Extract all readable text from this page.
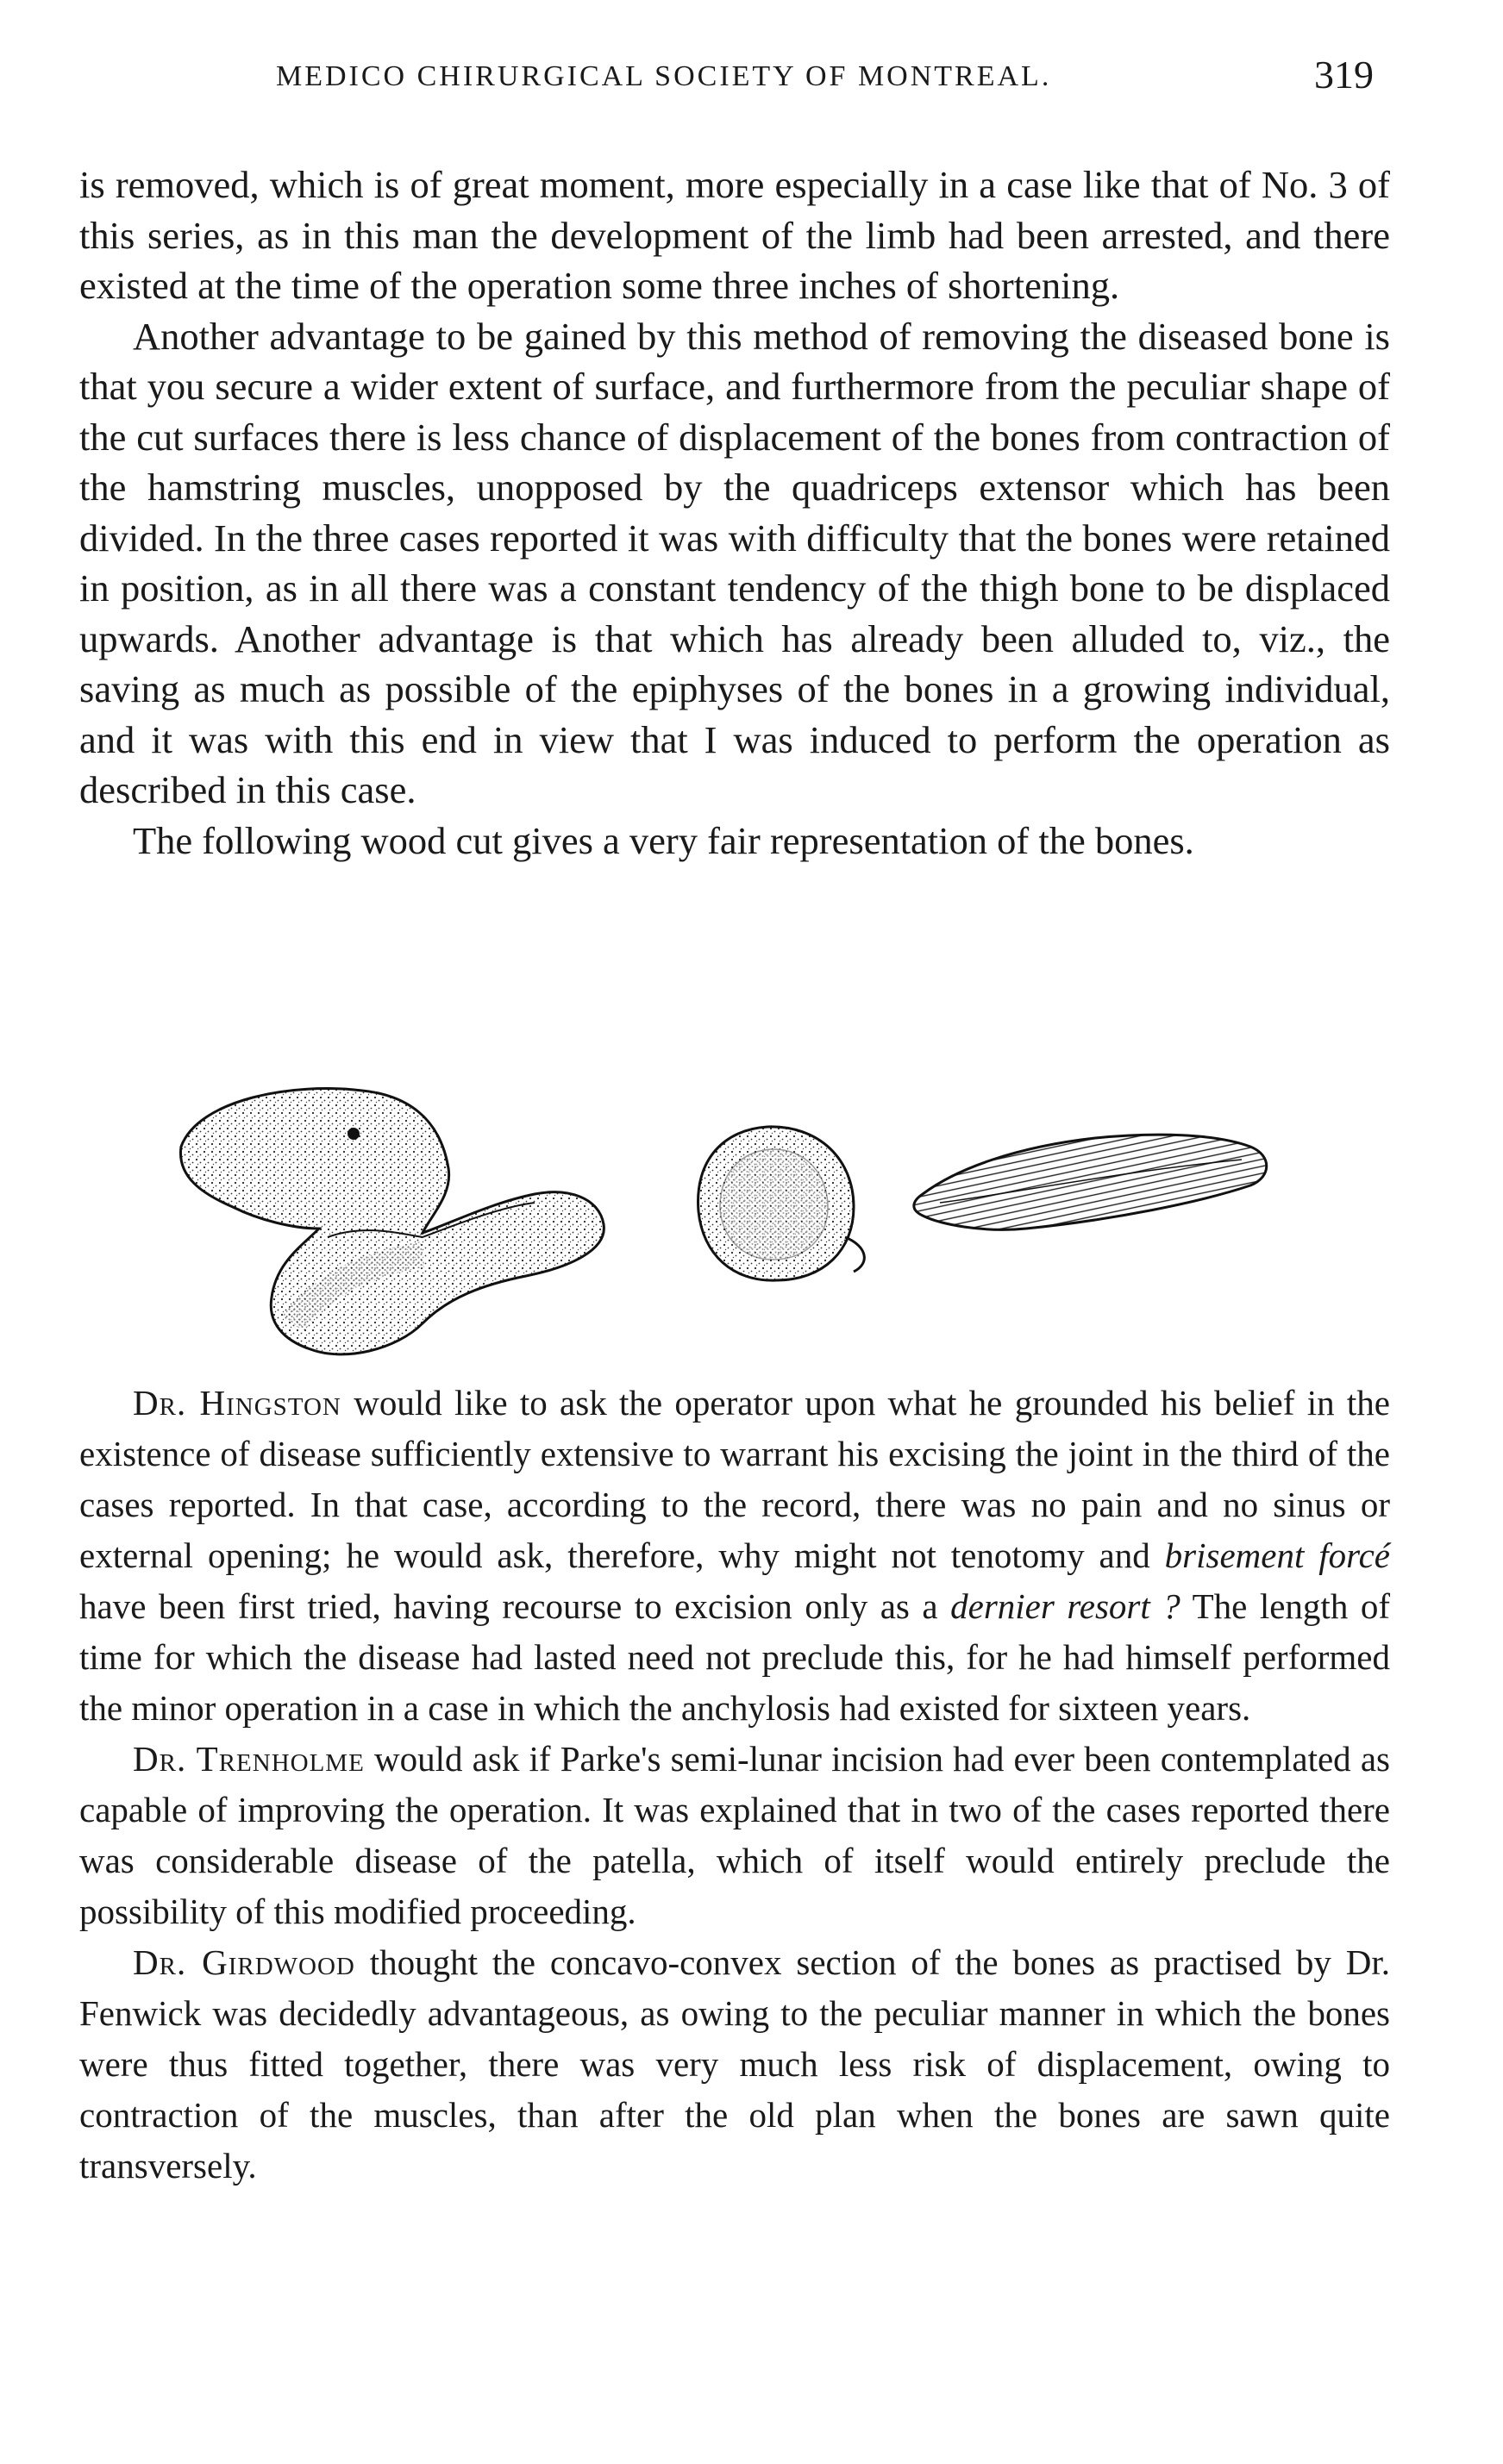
MEDICO CHIRURGICAL SOCIETY OF MONTREAL.	319

is removed, which is of great moment, more especially in a case like that of No. 3 of this series, as in this man the development of the limb had been arrested, and there existed at the time of the operation some three inches of shortening.

Another advantage to be gained by this method of removing the diseased bone is that you secure a wider extent of surface, and furthermore from the peculiar shape of the cut surfaces there is less chance of displacement of the bones from contraction of the hamstring muscles, unopposed by the quadriceps extensor which has been divided. In the three cases reported it was with difficulty that the bones were retained in position, as in all there was a constant tendency of the thigh bone to be displaced upwards. Another advantage is that which has already been alluded to, viz., the saving as much as possible of the epiphyses of the bones in a growing individual, and it was with this end in view that I was induced to perform the operation as described in this case.

The following wood cut gives a very fair representation of the bones.

Dr. Hingston would like to ask the operator upon what he grounded his belief in the existence of disease sufficiently extensive to warrant his excising the joint in the third of the cases reported. In that case, according to the record, there was no pain and no sinus or external opening; he would ask, therefore, why might not tenotomy and brisement forcé have been first tried, having recourse to excision only as a dernier resort ? The length of time for which the disease had lasted need not preclude this, for he had himself performed the minor operation in a case in which the anchylosis had existed for sixteen years.

Dr. Trenholme would ask if Parke's semi-lunar incision had ever been contemplated as capable of improving the operation. It was explained that in two of the cases reported there was considerable disease of the patella, which of itself would entirely preclude the possibility of this modified proceeding.

Dr. Girdwood thought the concavo-convex section of the bones as practised by Dr. Fenwick was decidedly advantageous, as owing to the peculiar manner in which the bones were thus fitted together, there was very much less risk of displacement, owing to contraction of the muscles, than after the old plan when the bones are sawn quite transversely.
